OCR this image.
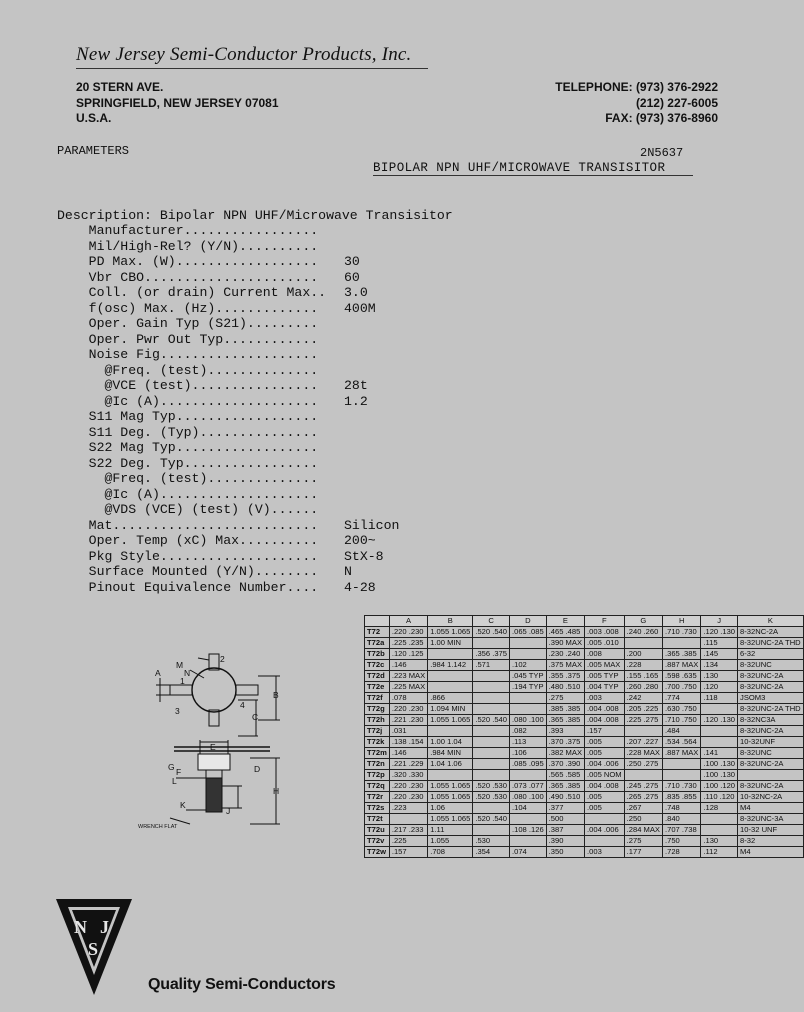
New Jersey Semi-Conductor Products, Inc.
20 STERN AVE.
SPRINGFIELD, NEW JERSEY 07081
U.S.A.
TELEPHONE: (973) 376-2922
(212) 227-6005
FAX: (973) 376-8960
PARAMETERS	2N5637
BIPOLAR NPN UHF/MICROWAVE TRANSISITOR
Description: Bipolar NPN UHF/Microwave Transisitor
Manufacturer.................
Mil/High-Rel? (Y/N)..........
PD Max. (W).................. 30
Vbr CBO...................... 60
Coll. (or drain) Current Max.. 3.0
f(osc) Max. (Hz)............. 400M
Oper. Gain Typ (S21).........
Oper. Pwr Out Typ............
Noise Fig....................
@Freq. (test)..............
@VCE (test)................ 28t
@Ic (A).................... 1.2
S11 Mag Typ..................
S11 Deg. (Typ)...............
S22 Mag Typ..................
S22 Deg. Typ.................
@Freq. (test)..............
@Ic (A)....................
@VDS (VCE) (test) (V)......
Mat.......................... Silicon
Oper. Temp (xC) Max.......... 200~
Pkg Style.................... StX-8
Surface Mounted (Y/N)........ N
Pinout Equivalence Number.... 4-28
M
N
A
B
C
D
E
F
G
H
J
K
L
1
2
3
4
WRENCH FLAT
	A	B	C	D	E	F	G	H	J	K
T72	.220 .230	1.055 1.065	.520 .540	.065 .085	.465 .485	.003 .008	.240 .260	.710 .730	.120 .130	8-32NC-2A
T72a	.225 .235	1.00 MIN			.390 MAX	.005 .010			.115	8-32UNC-2A THD
T72b	.120 .125		.356 .375		.230 .240	.008	.200	.365 .385	.145	6-32
T72c	.146	.984 1.142	.571	.102	.375 MAX	.005 MAX	.228	.887 MAX	.134	8-32UNC
T72d	.223 MAX			.045 TYP	.355 .375	.005 TYP	.155 .165	.598 .635	.130	8-32UNC-2A
T72e	.225 MAX			.194 TYP	.480 .510	.004 TYP	.260 .280	.700 .750	.120	8-32UNC-2A
T72f	.078	.866			.275	.003	.242	.774	.118	JSOM3
T72g	.220 .230	1.094 MIN			.385 .385	.004 .008	.205 .225	.630 .750		8-32UNC-2A THD
T72h	.221 .230	1.055 1.065	.520 .540	.080 .100	.365 .385	.004 .008	.225 .275	.710 .750	.120 .130	8-32NC3A
T72j	.031			.082	.393	.157		.484		8-32UNC-2A
T72k	.138 .154	1.00 1.04		.113	.370 .375	.005	.207 .227	.534 .564		10-32UNF
T72m	.146	.984 MIN		.106	.382 MAX	.005	.228 MAX	.887 MAX	.141	8-32UNC
T72n	.221 .229	1.04 1.06		.085 .095	.370 .390	.004 .006	.250 .275		.100 .130	8-32UNC-2A
T72p	.320 .330				.565 .585	.005 NOM			.100 .130	
T72q	.220 .230	1.055 1.065	.520 .530	.073 .077	.365 .385	.004 .008	.245 .275	.710 .730	.100 .120	8-32UNC-2A
T72r	.220 .230	1.055 1.065	.520 .530	.080 .100	.490 .510	.005	.265 .275	.835 .855	.110 .120	10-32NC-2A
T72s	.223	1.06		.104	.377	.005	.267	.748	.128	M4
T72t		1.055 1.065	.520 .540		.500		.250	.840		8-32UNC-3A
T72u	.217 .233	1.11		.108 .126	.387	.004 .006	.284 MAX	.707 .738		10-32 UNF
T72v	.225	1.055	.530		.390		.275	.750	.130	8-32
T72w	.157	.708	.354	.074	.350	.003	.177	.728	.112	M4
N J
S
Quality Semi-Conductors
